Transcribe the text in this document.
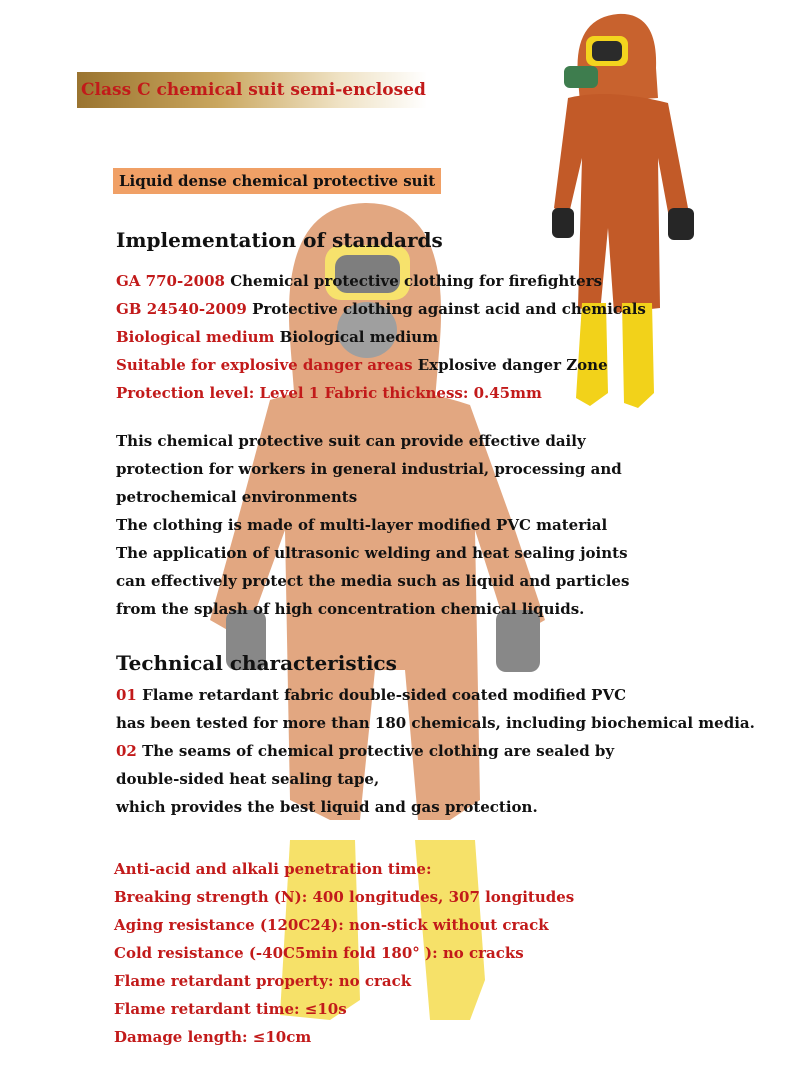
Class C chemical suit semi-enclosed
Liquid dense chemical protective suit
Implementation of standards
GA 770-2008 Chemical protective clothing for firefighters
GB 24540-2009 Protective clothing against acid and chemicals
Biological medium Biological medium
Suitable for explosive danger areas Explosive danger Zone
Protection level: Level 1 Fabric thickness: 0.45mm
This chemical protective suit can provide effective daily
protection for workers in general industrial, processing and
petrochemical environments
The clothing is made of multi-layer modified PVC material
The application of ultrasonic welding and heat sealing joints
can effectively protect the media such as liquid and particles
from the splash of high concentration chemical liquids.
Technical characteristics
01 Flame retardant fabric double-sided coated modified PVC
has been tested for more than 180 chemicals, including biochemical media.
02 The seams of chemical protective clothing are sealed by
double-sided heat sealing tape,
which provides the best liquid and gas protection.
Anti-acid and alkali penetration time:
Breaking strength (N): 400 longitudes, 307 longitudes
Aging resistance (120C24): non-stick without crack
Cold resistance (-40C5min fold 180° ): no cracks
Flame retardant property: no crack
Flame retardant time: ≤10s
Damage length: ≤10cm
